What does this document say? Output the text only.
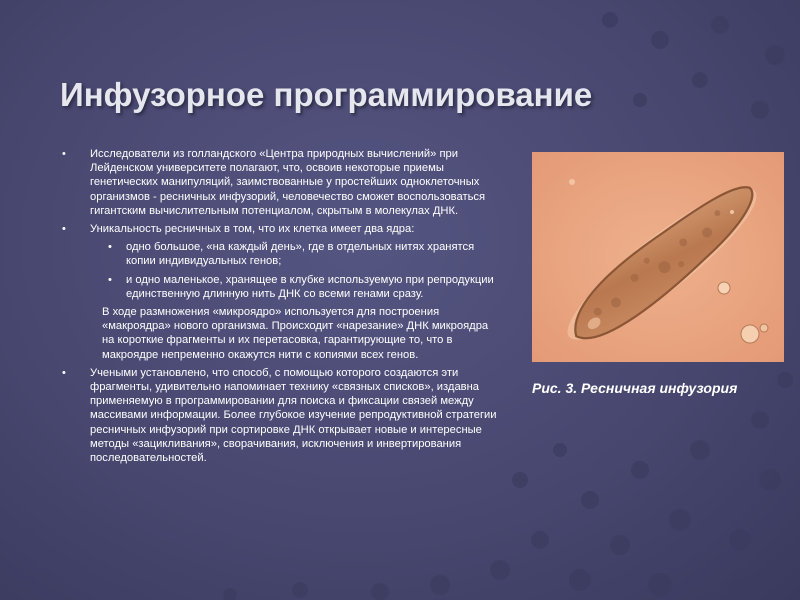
Инфузорное программирование
• Исследователи из голландского «Центра природных вычислений» при Лейденском университете полагают, что, освоив некоторые приемы генетических манипуляций, заимствованные у простейших одноклеточных организмов - ресничных инфузорий, человечество сможет воспользоваться гигантским вычислительным потенциалом, скрытым в молекулах ДНК.
• Уникальность ресничных в том, что их клетка имеет два ядра:
• одно большое, «на каждый день», где в отдельных нитях хранятся копии индивидуальных генов;
• и одно маленькое, хранящее в клубке используемую при репродукции единственную длинную нить ДНК со всеми генами сразу.
В ходе размножения «микроядро» используется для построения «макроядра» нового организма. Происходит «нарезание» ДНК микроядра на короткие фрагменты и их перетасовка, гарантирующие то, что в макроядре непременно окажутся нити с копиями всех генов.
• Учеными установлено, что способ, с помощью которого создаются эти фрагменты, удивительно напоминает технику «связных списков», издавна применяемую в программировании для поиска и фиксации связей между массивами информации. Более глубокое изучение репродуктивной стратегии ресничных инфузорий при сортировке ДНК открывает новые и интересные методы «зацикливания», сворачивания, исключения и инвертирования последовательностей.
Рис. 3. Ресничная инфузория
